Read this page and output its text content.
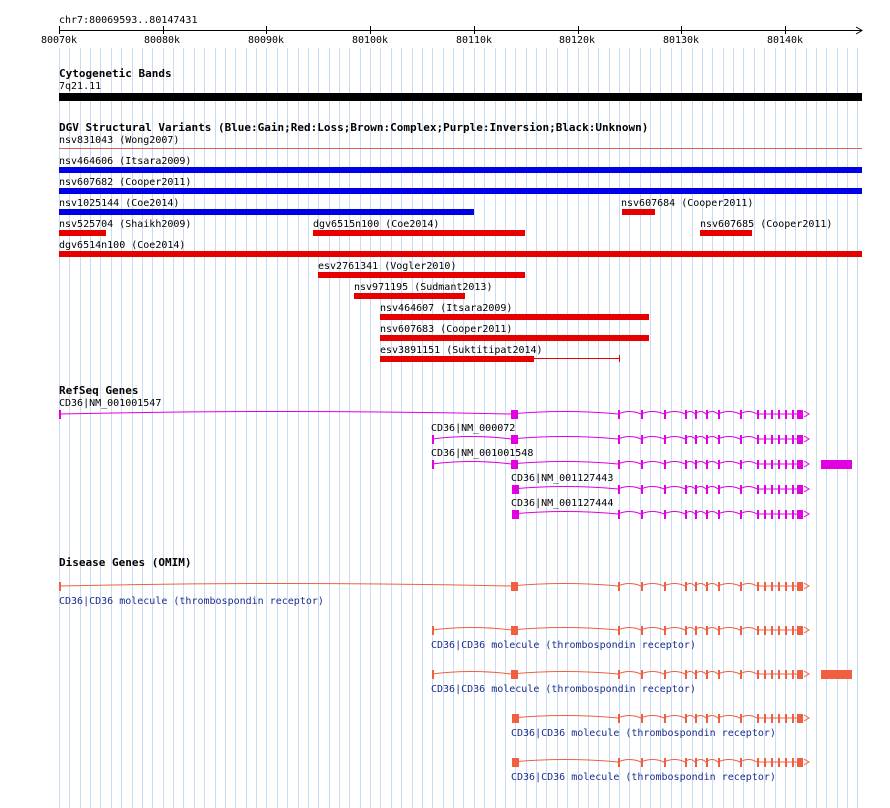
chr7:80069593..80147431
80070k	80080k	80090k	80100k	80110k	80120k	80130k	80140k
Cytogenetic Bands
7q21.11
DGV Structural Variants (Blue:Gain;Red:Loss;Brown:Complex;Purple:Inversion;Black:Unknown)
nsv831043 (Wong2007)
nsv464606 (Itsara2009)
nsv607682 (Cooper2011)
nsv1025144 (Coe2014)	nsv607684 (Cooper2011)
nsv525704 (Shaikh2009)	dgv6515n100 (Coe2014)	nsv607685 (Cooper2011)
dgv6514n100 (Coe2014)
esv2761341 (Vogler2010)
nsv971195 (Sudmant2013)
nsv464607 (Itsara2009)
nsv607683 (Cooper2011)
esv3891151 (Suktitipat2014)
RefSeq Genes
CD36|NM_001001547
CD36|NM_000072
CD36|NM_001001548
CD36|NM_001127443
CD36|NM_001127444
Disease Genes (OMIM)
CD36|CD36 molecule (thrombospondin receptor)
CD36|CD36 molecule (thrombospondin receptor)
CD36|CD36 molecule (thrombospondin receptor)
CD36|CD36 molecule (thrombospondin receptor)
CD36|CD36 molecule (thrombospondin receptor)
